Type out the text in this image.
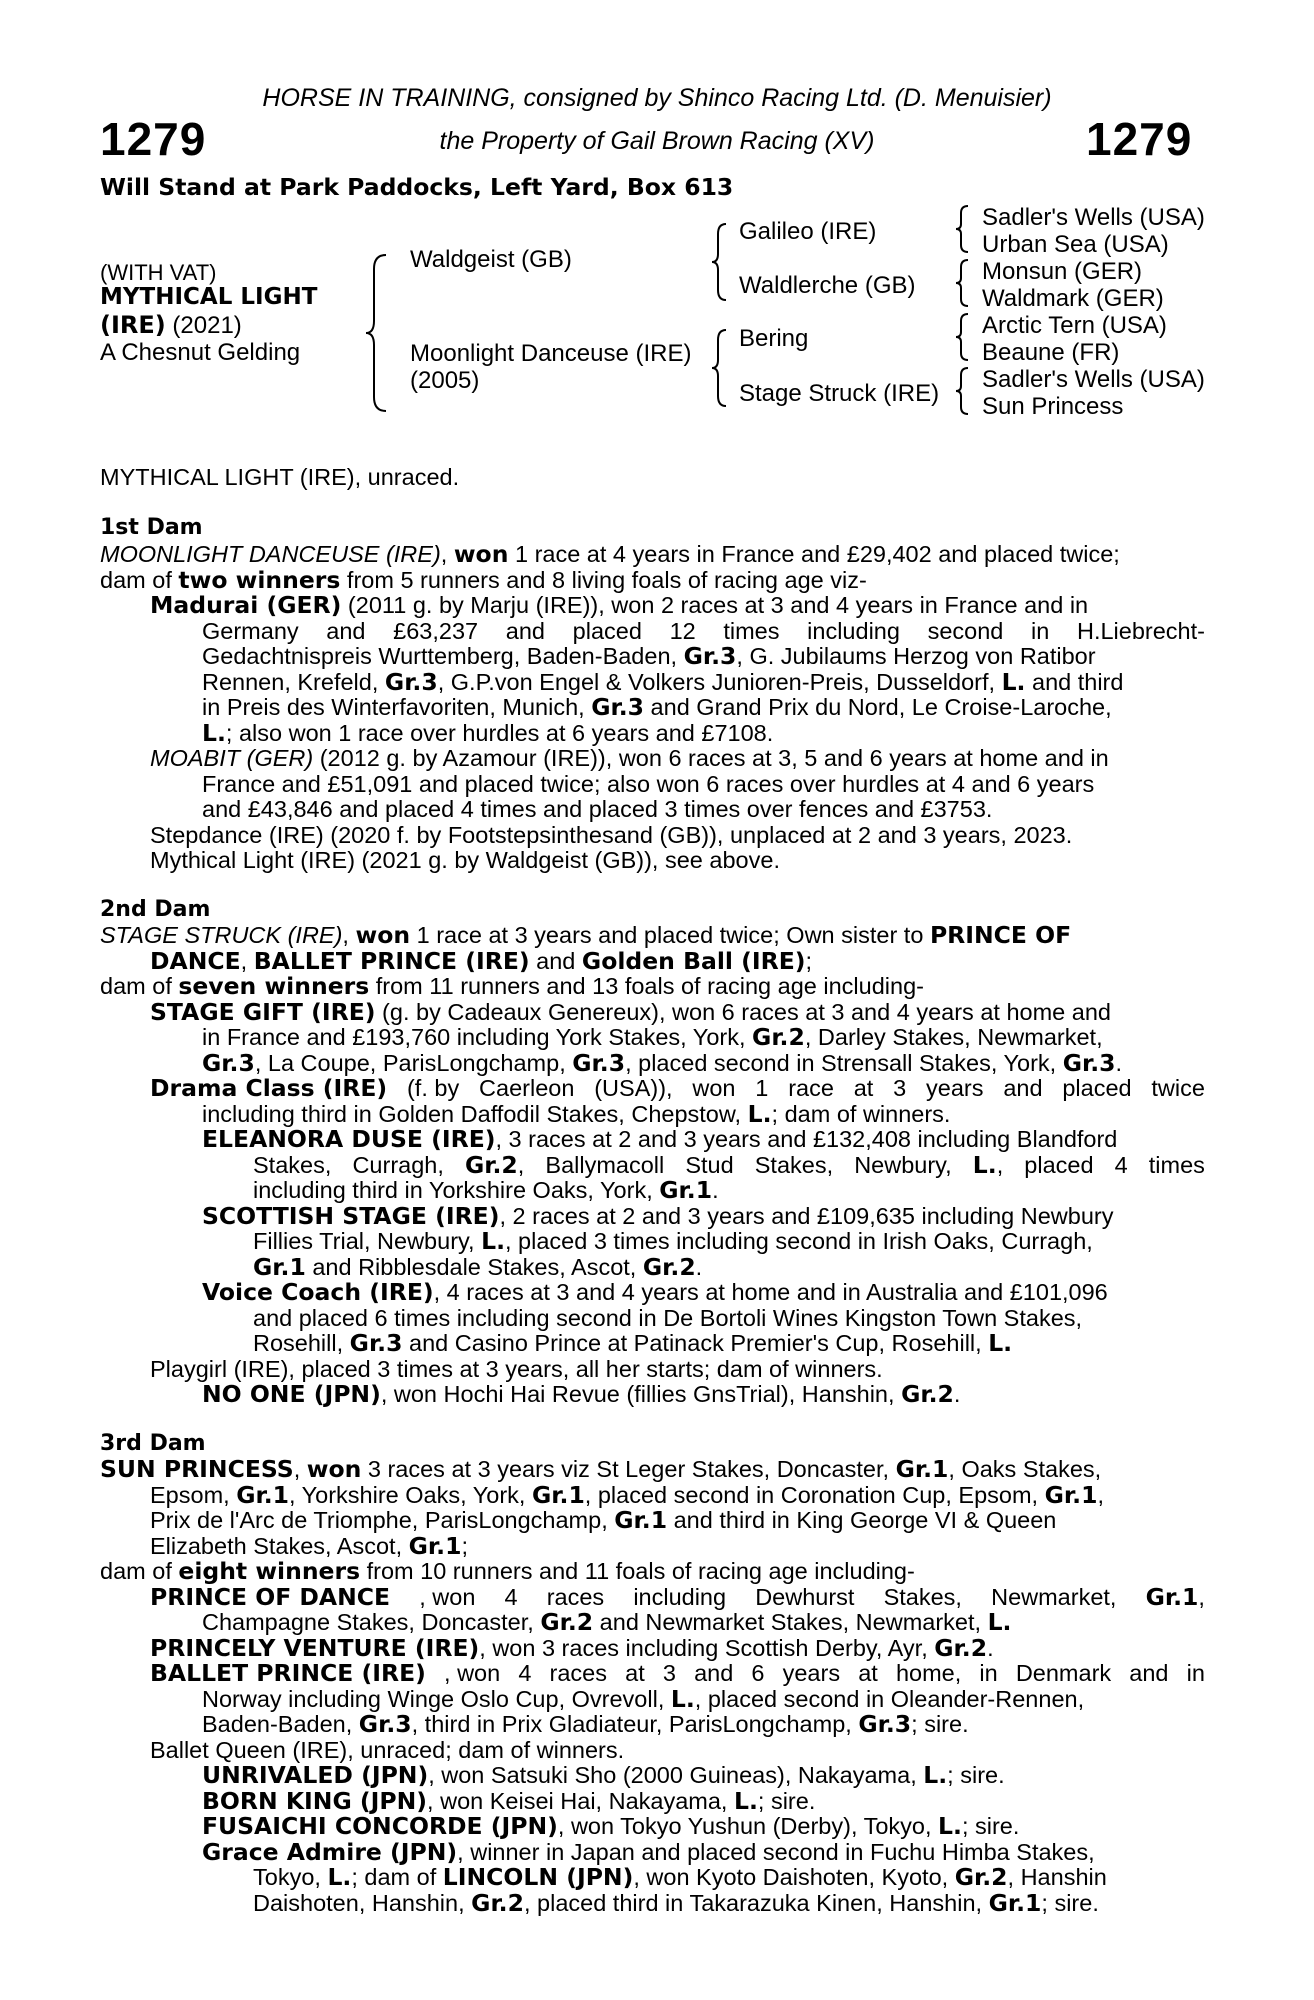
HORSE IN TRAINING, consigned by Shinco Racing Ltd. (D. Menuisier)
the Property of Gail Brown Racing (XV)
1279	1279
Will Stand at Park Paddocks, Left Yard, Box 613
(WITH VAT)
MYTHICAL LIGHT
(IRE) (2021)
A Chesnut Gelding
Waldgeist (GB)
Moonlight Danceuse (IRE)
(2005)
Galileo (IRE)
Waldlerche (GB)
Bering
Stage Struck (IRE)
Sadler's Wells (USA)
Urban Sea (USA)
Monsun (GER)
Waldmark (GER)
Arctic Tern (USA)
Beaune (FR)
Sadler's Wells (USA)
Sun Princess
MYTHICAL LIGHT (IRE), unraced.
1st Dam
MOONLIGHT DANCEUSE (IRE), won 1 race at 4 years in France and £29,402 and placed twice;
dam of two winners from 5 runners and 8 living foals of racing age viz-
Madurai (GER) (2011 g. by Marju (IRE)), won 2 races at 3 and 4 years in France and in
Germany and £63,237 and placed 12 times including second in H.Liebrecht-
Gedachtnispreis Wurttemberg, Baden-Baden, Gr.3, G. Jubilaums Herzog von Ratibor
Rennen, Krefeld, Gr.3, G.P.von Engel & Volkers Junioren-Preis, Dusseldorf, L. and third
in Preis des Winterfavoriten, Munich, Gr.3 and Grand Prix du Nord, Le Croise-Laroche,
L.; also won 1 race over hurdles at 6 years and £7108.
MOABIT (GER) (2012 g. by Azamour (IRE)), won 6 races at 3, 5 and 6 years at home and in
France and £51,091 and placed twice; also won 6 races over hurdles at 4 and 6 years
and £43,846 and placed 4 times and placed 3 times over fences and £3753.
Stepdance (IRE) (2020 f. by Footstepsinthesand (GB)), unplaced at 2 and 3 years, 2023.
Mythical Light (IRE) (2021 g. by Waldgeist (GB)), see above.
2nd Dam
STAGE STRUCK (IRE), won 1 race at 3 years and placed twice; Own sister to PRINCE OF
DANCE, BALLET PRINCE (IRE) and Golden Ball (IRE);
dam of seven winners from 11 runners and 13 foals of racing age including-
STAGE GIFT (IRE) (g. by Cadeaux Genereux), won 6 races at 3 and 4 years at home and
in France and £193,760 including York Stakes, York, Gr.2, Darley Stakes, Newmarket,
Gr.3, La Coupe, ParisLongchamp, Gr.3, placed second in Strensall Stakes, York, Gr.3.
Drama Class (IRE) (f. by Caerleon (USA)), won 1 race at 3 years and placed twice
including third in Golden Daffodil Stakes, Chepstow, L.; dam of winners.
ELEANORA DUSE (IRE), 3 races at 2 and 3 years and £132,408 including Blandford
Stakes, Curragh, Gr.2, Ballymacoll Stud Stakes, Newbury, L., placed 4 times
including third in Yorkshire Oaks, York, Gr.1.
SCOTTISH STAGE (IRE), 2 races at 2 and 3 years and £109,635 including Newbury
Fillies Trial, Newbury, L., placed 3 times including second in Irish Oaks, Curragh,
Gr.1 and Ribblesdale Stakes, Ascot, Gr.2.
Voice Coach (IRE), 4 races at 3 and 4 years at home and in Australia and £101,096
and placed 6 times including second in De Bortoli Wines Kingston Town Stakes,
Rosehill, Gr.3 and Casino Prince at Patinack Premier's Cup, Rosehill, L.
Playgirl (IRE), placed 3 times at 3 years, all her starts; dam of winners.
NO ONE (JPN), won Hochi Hai Revue (fillies GnsTrial), Hanshin, Gr.2.
3rd Dam
SUN PRINCESS, won 3 races at 3 years viz St Leger Stakes, Doncaster, Gr.1, Oaks Stakes,
Epsom, Gr.1, Yorkshire Oaks, York, Gr.1, placed second in Coronation Cup, Epsom, Gr.1,
Prix de l'Arc de Triomphe, ParisLongchamp, Gr.1 and third in King George VI & Queen
Elizabeth Stakes, Ascot, Gr.1;
dam of eight winners from 10 runners and 11 foals of racing age including-
PRINCE OF DANCE , won 4 races including Dewhurst Stakes, Newmarket, Gr.1,
Champagne Stakes, Doncaster, Gr.2 and Newmarket Stakes, Newmarket, L.
PRINCELY VENTURE (IRE), won 3 races including Scottish Derby, Ayr, Gr.2.
BALLET PRINCE (IRE) , won 4 races at 3 and 6 years at home, in Denmark and in
Norway including Winge Oslo Cup, Ovrevoll, L., placed second in Oleander-Rennen,
Baden-Baden, Gr.3, third in Prix Gladiateur, ParisLongchamp, Gr.3; sire.
Ballet Queen (IRE), unraced; dam of winners.
UNRIVALED (JPN), won Satsuki Sho (2000 Guineas), Nakayama, L.; sire.
BORN KING (JPN), won Keisei Hai, Nakayama, L.; sire.
FUSAICHI CONCORDE (JPN), won Tokyo Yushun (Derby), Tokyo, L.; sire.
Grace Admire (JPN), winner in Japan and placed second in Fuchu Himba Stakes,
Tokyo, L.; dam of LINCOLN (JPN), won Kyoto Daishoten, Kyoto, Gr.2, Hanshin
Daishoten, Hanshin, Gr.2, placed third in Takarazuka Kinen, Hanshin, Gr.1; sire.
